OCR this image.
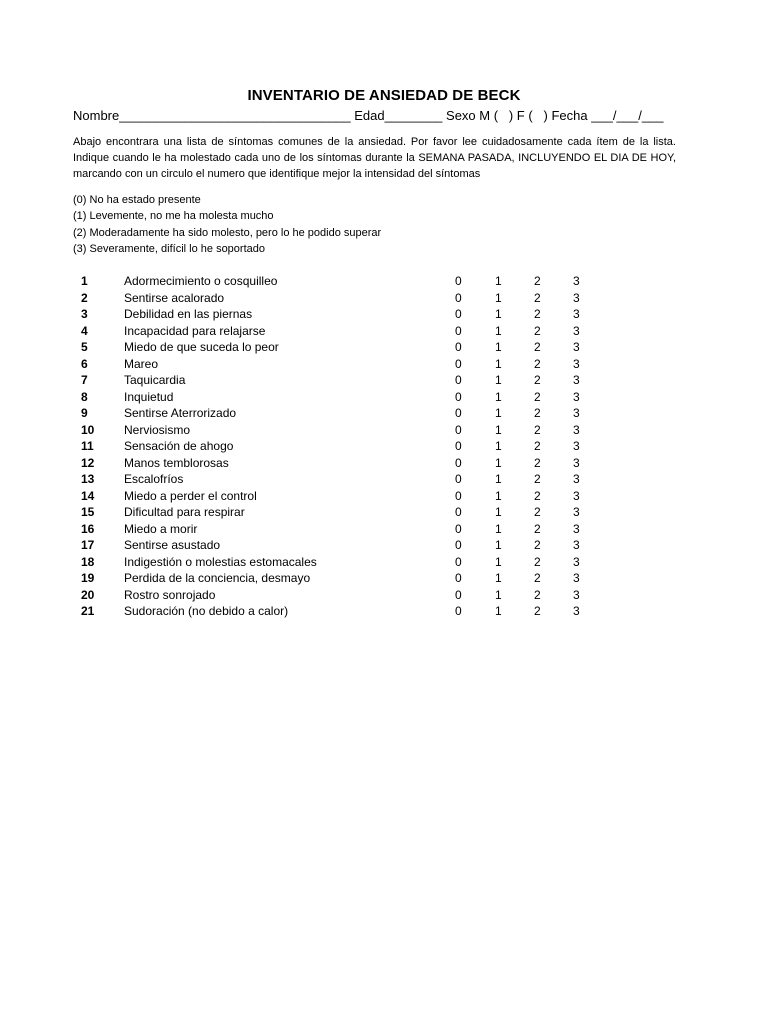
INVENTARIO DE ANSIEDAD DE BECK
Nombre________________________________ Edad________ Sexo M (   ) F (   ) Fecha ___/___/___
Abajo encontrara una lista de síntomas comunes de la ansiedad. Por favor lee cuidadosamente cada ítem de la lista. Indique cuando le ha molestado cada uno de los síntomas durante la SEMANA PASADA, INCLUYENDO EL DIA DE HOY, marcando con un circulo el numero que identifique mejor la intensidad del síntomas
(0) No ha estado presente
(1) Levemente, no me ha molesta mucho
(2) Moderadamente ha sido molesto, pero lo he podido superar
(3) Severamente, difícil lo he soportado
1	Adormecimiento o cosquilleo	0	1	2	3
2	Sentirse acalorado	0	1	2	3
3	Debilidad en las piernas	0	1	2	3
4	Incapacidad para relajarse	0	1	2	3
5	Miedo de que suceda lo peor	0	1	2	3
6	Mareo	0	1	2	3
7	Taquicardia	0	1	2	3
8	Inquietud	0	1	2	3
9	Sentirse Aterrorizado	0	1	2	3
10 Nerviosismo	0	1	2	3
11	Sensación de ahogo	0	1	2	3
12 Manos temblorosas	0	1	2	3
13 Escalofríos	0	1	2	3
14 Miedo a perder el control	0	1	2	3
15 Dificultad para respirar	0	1	2	3
16 Miedo a morir	0	1	2	3
17 Sentirse asustado	0	1	2	3
18 Indigestión o molestias estomacales	0	1	2	3
19 Perdida de la conciencia, desmayo	0	1	2	3
20 Rostro sonrojado	0	1	2	3
21 Sudoración (no debido a calor)	0	1	2	3
